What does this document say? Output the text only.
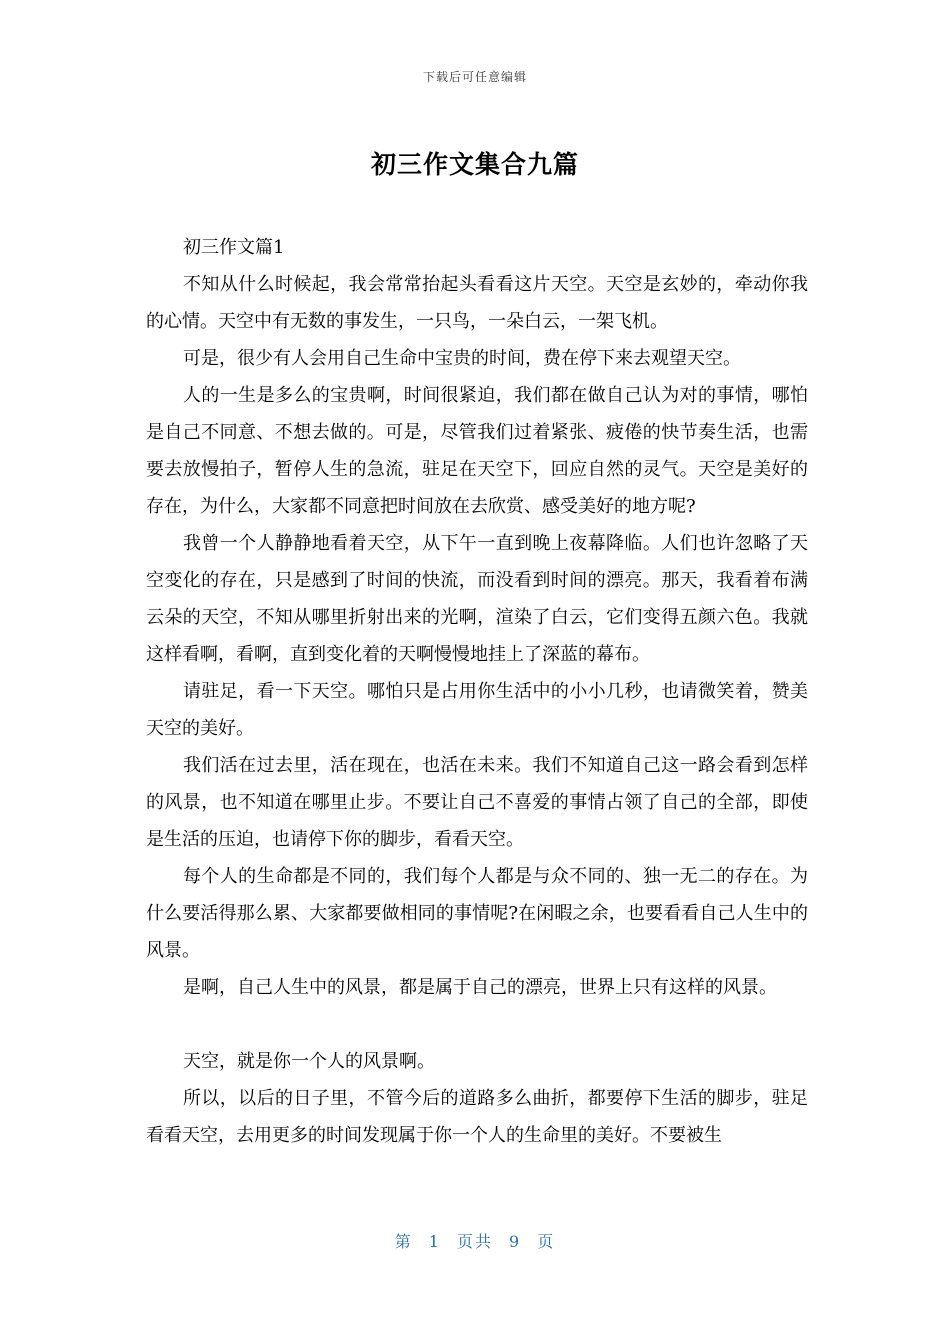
下载后可任意编辑
初三作文集合九篇

初三作文篇1

不知从什么时候起，我会常常抬起头看看这片天空。天空是玄妙的，牵动你我的心情。天空中有无数的事发生，一只鸟，一朵白云，一架飞机。

可是，很少有人会用自己生命中宝贵的时间，费在停下来去观望天空。

人的一生是多么的宝贵啊，时间很紧迫，我们都在做自己认为对的事情，哪怕是自己不同意、不想去做的。可是，尽管我们过着紧张、疲倦的快节奏生活，也需要去放慢拍子，暂停人生的急流，驻足在天空下，回应自然的灵气。天空是美好的存在，为什么，大家都不同意把时间放在去欣赏、感受美好的地方呢?

我曾一个人静静地看着天空，从下午一直到晚上夜幕降临。人们也许忽略了天空变化的存在，只是感到了时间的快流，而没看到时间的漂亮。那天，我看着布满云朵的天空，不知从哪里折射出来的光啊，渲染了白云，它们变得五颜六色。我就这样看啊，看啊，直到变化着的天啊慢慢地挂上了深蓝的幕布。

请驻足，看一下天空。哪怕只是占用你生活中的小小几秒，也请微笑着，赞美天空的美好。

我们活在过去里，活在现在，也活在未来。我们不知道自己这一路会看到怎样的风景，也不知道在哪里止步。不要让自己不喜爱的事情占领了自己的全部，即使是生活的压迫，也请停下你的脚步，看看天空。

每个人的生命都是不同的，我们每个人都是与众不同的、独一无二的存在。为什么要活得那么累、大家都要做相同的事情呢?在闲暇之余，也要看看自己人生中的风景。

是啊，自己人生中的风景，都是属于自己的漂亮，世界上只有这样的风景。

天空，就是你一个人的风景啊。

所以，以后的日子里，不管今后的道路多么曲折，都要停下生活的脚步，驻足看看天空，去用更多的时间发现属于你一个人的生命里的美好。不要被生

第 1 页共 9 页
